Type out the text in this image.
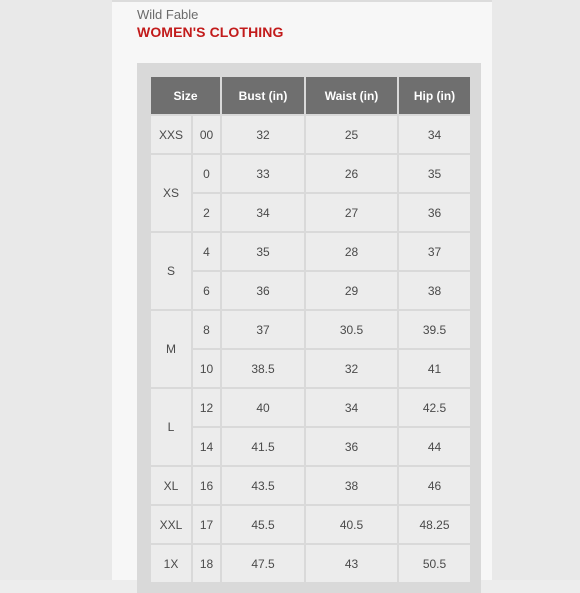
Wild Fable
WOMEN'S CLOTHING
Size		Bust (in)	Waist (in)	Hip (in)
XXS	00	32	25	34
XS	0	33	26	35
	2	34	27	36
S	4	35	28	37
	6	36	29	38
M	8	37	30.5	39.5
	10	38.5	32	41
L	12	40	34	42.5
	14	41.5	36	44
XL	16	43.5	38	46
XXL	17	45.5	40.5	48.25
1X	18	47.5	43	50.5
